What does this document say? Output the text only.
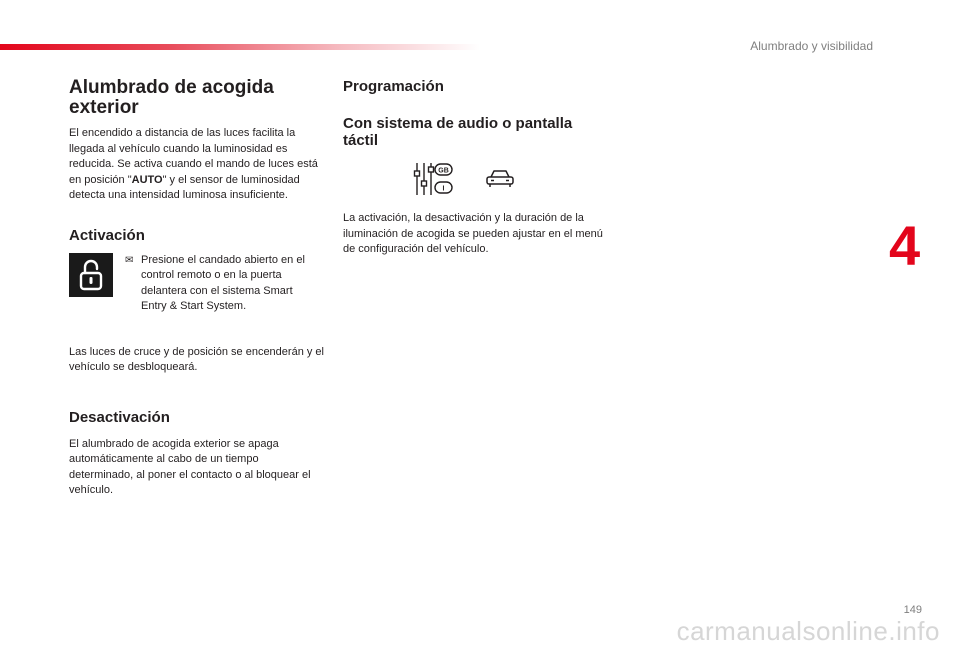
Alumbrado y visibilidad
4
Alumbrado de acogida exterior

El encendido a distancia de las luces facilita la llegada al vehículo cuando la luminosidad es reducida. Se activa cuando el mando de luces está en posición "AUTO" y el sensor de luminosidad detecta una intensidad luminosa insuficiente.

Activación
✉ Presione el candado abierto en el control remoto o en la puerta delantera con el sistema Smart Entry & Start System.

Las luces de cruce y de posición se encenderán y el vehículo se desbloqueará.

Desactivación

El alumbrado de acogida exterior se apaga automáticamente al cabo de un tiempo determinado, al poner el contacto o al bloquear el vehículo.

Programación
Con sistema de audio o pantalla táctil
GB
I

La activación, la desactivación y la duración de la iluminación de acogida se pueden ajustar en el menú de configuración del vehículo.

149
carmanualsonline.info
